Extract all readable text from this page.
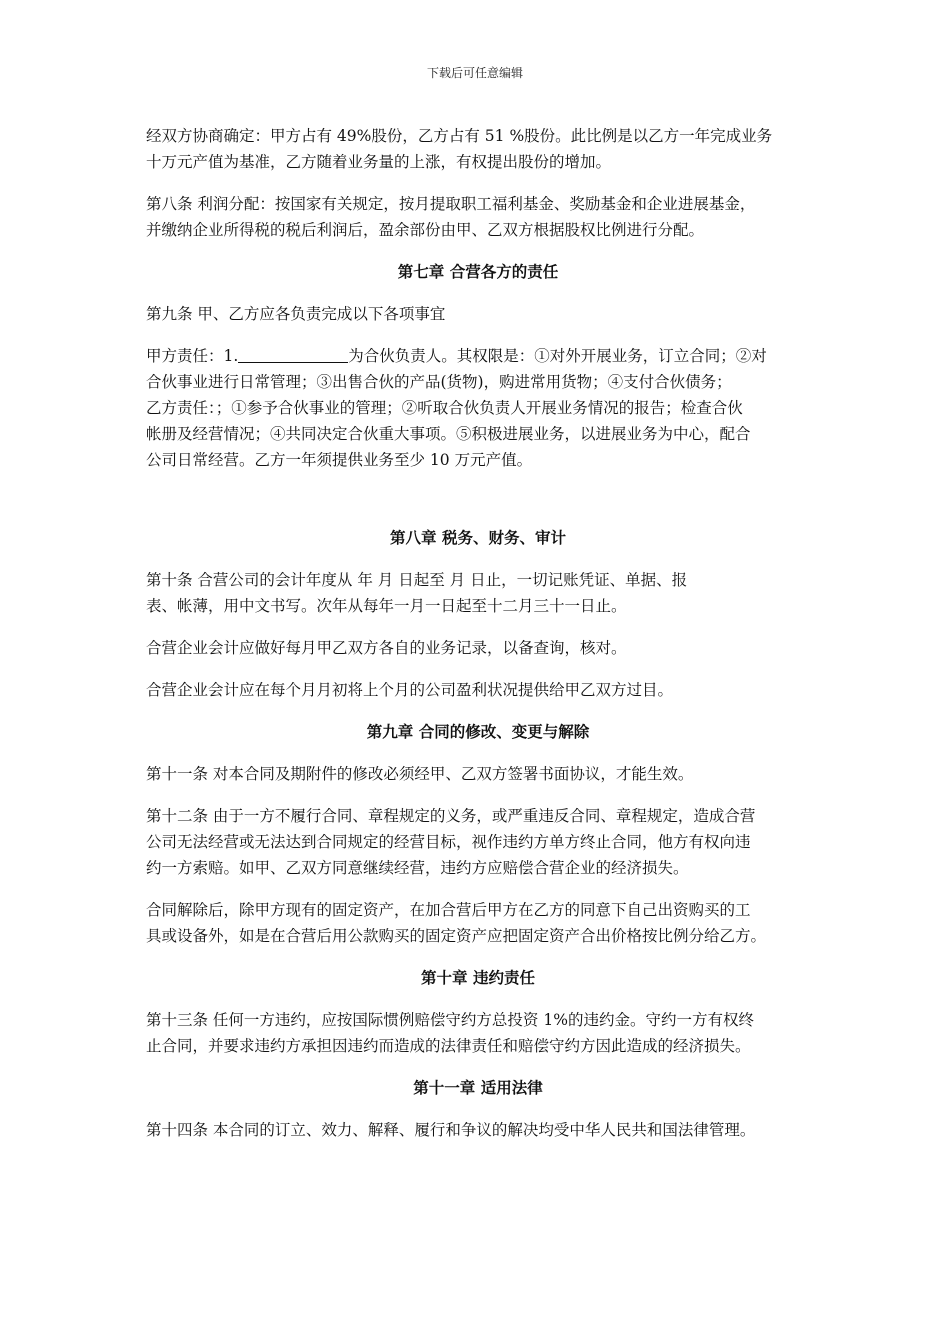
下载后可任意编辑

经双方协商确定：甲方占有 49%股份，乙方占有 51 %股份。此比例是以乙方一年完成业务
十万元产值为基准，乙方随着业务量的上涨，有权提出股份的增加。

第八条 利润分配：按国家有关规定，按月提取职工福利基金、奖励基金和企业进展基金，
并缴纳企业所得税的税后利润后，盈余部份由甲、乙双方根据股权比例进行分配。

第七章 合营各方的责任

第九条 甲、乙方应各负责完成以下各项事宜

甲方责任：1.	为合伙负责人。其权限是：①对外开展业务，订立合同；②对
合伙事业进行日常管理；③出售合伙的产品(货物)，购进常用货物；④支付合伙债务；
乙方责任：；①参予合伙事业的管理；②听取合伙负责人开展业务情况的报告；检查合伙
帐册及经营情况；④共同决定合伙重大事项。⑤积极进展业务，以进展业务为中心，配合
公司日常经营。乙方一年须提供业务至少 10 万元产值。

第八章 税务、财务、审计

第十条 合营公司的会计年度从 年 月 日起至 月 日止，一切记账凭证、单据、报
表、帐薄，用中文书写。次年从每年一月一日起至十二月三十一日止。

合营企业会计应做好每月甲乙双方各自的业务记录，以备查询，核对。

合营企业会计应在每个月月初将上个月的公司盈利状况提供给甲乙双方过目。

第九章 合同的修改、变更与解除

第十一条 对本合同及期附件的修改必须经甲、乙双方签署书面协议，才能生效。

第十二条 由于一方不履行合同、章程规定的义务，或严重违反合同、章程规定，造成合营
公司无法经营或无法达到合同规定的经营目标，视作违约方单方终止合同，他方有权向违
约一方索赔。如甲、乙双方同意继续经营，违约方应赔偿合营企业的经济损失。

合同解除后，除甲方现有的固定资产，在加合营后甲方在乙方的同意下自己出资购买的工
具或设备外，如是在合营后用公款购买的固定资产应把固定资产合出价格按比例分给乙方。

第十章 违约责任

第十三条 任何一方违约，应按国际惯例赔偿守约方总投资 1%的违约金。守约一方有权终
止合同，并要求违约方承担因违约而造成的法律责任和赔偿守约方因此造成的经济损失。

第十一章 适用法律

第十四条 本合同的订立、效力、解释、履行和争议的解决均受中华人民共和国法律管理。
